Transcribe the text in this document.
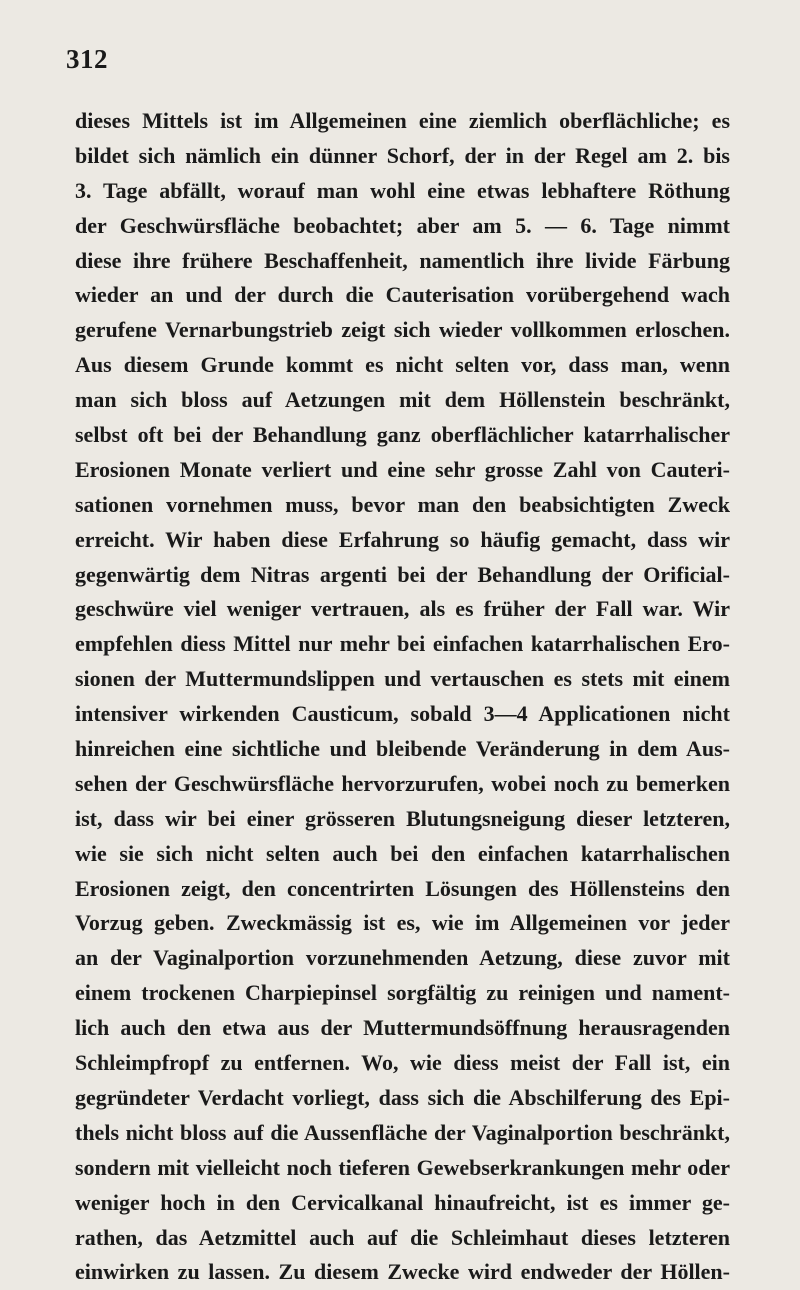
312
dieses Mittels ist im Allgemeinen eine ziemlich oberflächliche; es
bildet sich nämlich ein dünner Schorf, der in der Regel am 2. bis
3. Tage abfällt, worauf man wohl eine etwas lebhaftere Röthung
der Geschwürsfläche beobachtet; aber am 5. — 6. Tage nimmt
diese ihre frühere Beschaffenheit, namentlich ihre livide Färbung
wieder an und der durch die Cauterisation vorübergehend wach
gerufene Vernarbungstrieb zeigt sich wieder vollkommen erloschen.
Aus diesem Grunde kommt es nicht selten vor, dass man, wenn
man sich bloss auf Aetzungen mit dem Höllenstein beschränkt,
selbst oft bei der Behandlung ganz oberflächlicher katarrhalischer
Erosionen Monate verliert und eine sehr grosse Zahl von Cauteri-
sationen vornehmen muss, bevor man den beabsichtigten Zweck
erreicht. Wir haben diese Erfahrung so häufig gemacht, dass wir
gegenwärtig dem Nitras argenti bei der Behandlung der Orificial-
geschwüre viel weniger vertrauen, als es früher der Fall war. Wir
empfehlen diess Mittel nur mehr bei einfachen katarrhalischen Ero-
sionen der Muttermundslippen und vertauschen es stets mit einem
intensiver wirkenden Causticum, sobald 3—4 Applicationen nicht
hinreichen eine sichtliche und bleibende Veränderung in dem Aus-
sehen der Geschwürsfläche hervorzurufen, wobei noch zu bemerken
ist, dass wir bei einer grösseren Blutungsneigung dieser letzteren,
wie sie sich nicht selten auch bei den einfachen katarrhalischen
Erosionen zeigt, den concentrirten Lösungen des Höllensteins den
Vorzug geben. Zweckmässig ist es, wie im Allgemeinen vor jeder
an der Vaginalportion vorzunehmenden Aetzung, diese zuvor mit
einem trockenen Charpiepinsel sorgfältig zu reinigen und nament-
lich auch den etwa aus der Muttermundsöffnung herausragenden
Schleimpfropf zu entfernen. Wo, wie diess meist der Fall ist, ein
gegründeter Verdacht vorliegt, dass sich die Abschilferung des Epi-
thels nicht bloss auf die Aussenfläche der Vaginalportion beschränkt,
sondern mit vielleicht noch tieferen Gewebserkrankungen mehr oder
weniger hoch in den Cervicalkanal hinaufreicht, ist es immer ge-
rathen, das Aetzmittel auch auf die Schleimhaut dieses letzteren
einwirken zu lassen. Zu diesem Zwecke wird endweder der Höllen-
